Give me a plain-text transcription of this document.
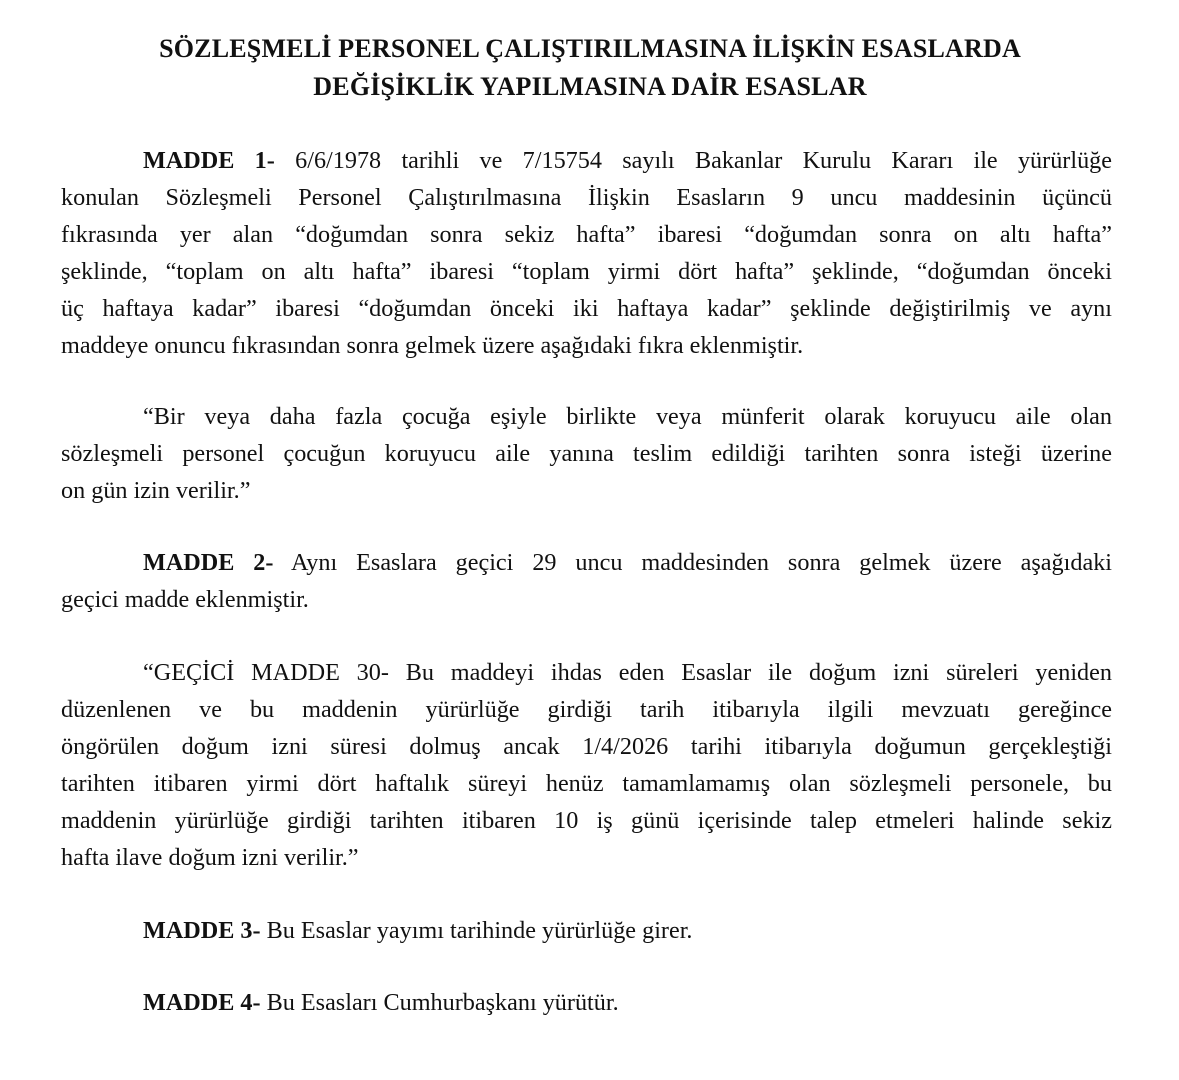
SÖZLEŞMELİ PERSONEL ÇALIŞTIRILMASINA İLİŞKİN ESASLARDA
DEĞİŞİKLİK YAPILMASINA DAİR ESASLAR
MADDE 1- 6/6/1978 tarihli ve 7/15754 sayılı Bakanlar Kurulu Kararı ile yürürlüğe
konulan Sözleşmeli Personel Çalıştırılmasına İlişkin Esasların 9 uncu maddesinin üçüncü
fıkrasında yer alan “doğumdan sonra sekiz hafta” ibaresi “doğumdan sonra on altı hafta”
şeklinde, “toplam on altı hafta” ibaresi “toplam yirmi dört hafta” şeklinde, “doğumdan önceki
üç haftaya kadar” ibaresi “doğumdan önceki iki haftaya kadar” şeklinde değiştirilmiş ve aynı
maddeye onuncu fıkrasından sonra gelmek üzere aşağıdaki fıkra eklenmiştir.
“Bir veya daha fazla çocuğa eşiyle birlikte veya münferit olarak koruyucu aile olan
sözleşmeli personel çocuğun koruyucu aile yanına teslim edildiği tarihten sonra isteği üzerine
on gün izin verilir.”
MADDE 2- Aynı Esaslara geçici 29 uncu maddesinden sonra gelmek üzere aşağıdaki
geçici madde eklenmiştir.
“GEÇİCİ MADDE 30- Bu maddeyi ihdas eden Esaslar ile doğum izni süreleri yeniden
düzenlenen ve bu maddenin yürürlüğe girdiği tarih itibarıyla ilgili mevzuatı gereğince
öngörülen doğum izni süresi dolmuş ancak 1/4/2026 tarihi itibarıyla doğumun gerçekleştiği
tarihten itibaren yirmi dört haftalık süreyi henüz tamamlamamış olan sözleşmeli personele, bu
maddenin yürürlüğe girdiği tarihten itibaren 10 iş günü içerisinde talep etmeleri halinde sekiz
hafta ilave doğum izni verilir.”
MADDE 3- Bu Esaslar yayımı tarihinde yürürlüğe girer.
MADDE 4- Bu Esasları Cumhurbaşkanı yürütür.
